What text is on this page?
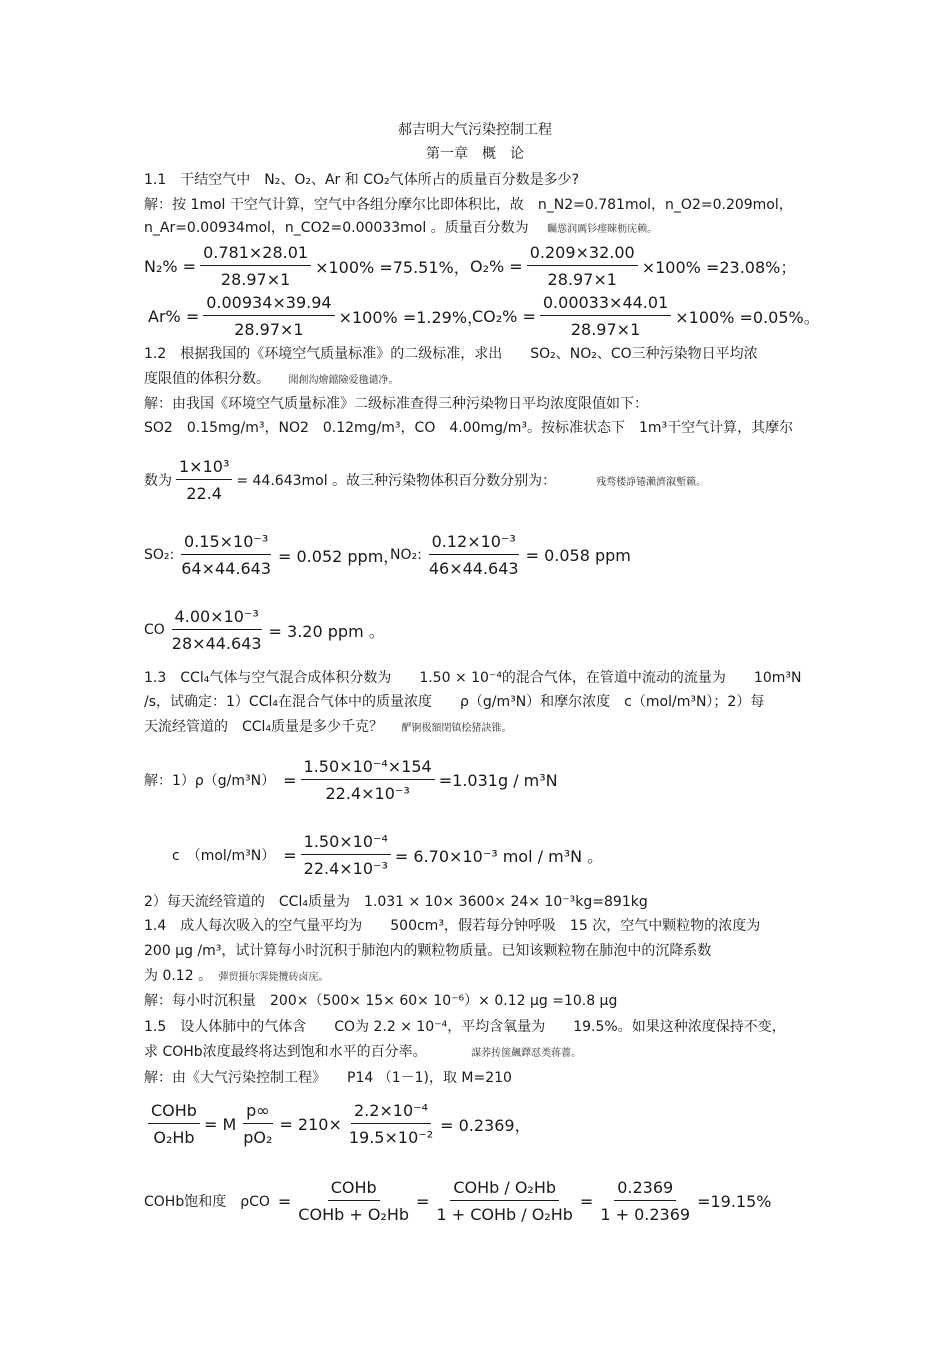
郝吉明大气污染控制工程
第一章　概　论
1.1　干结空气中　N₂、O₂、Ar 和 CO₂气体所占的质量百分数是多少?
解：按 1mol 干空气计算，空气中各组分摩尔比即体积比，故　n_N2=0.781mol，n_O2=0.209mol，
n_Ar=0.00934mol，n_CO2=0.00033mol 。质量百分数为 矚慫润厲钐瘗睞枥庑赖。
$N_2\% = \frac{0.781\times 28.01}{28.97\times 1} \times 100\% =75.51\%$， $O_2\% = \frac{0.209\times 32.00}{28.97\times 1} \times 100\% =23.08\%$；
$Ar\% = \frac{0.00934\times 39.94}{28.97\times 1} \times 100\% =1.29\%$，
$CO_2\% = \frac{0.00033\times 44.01}{28.97\times 1} \times 100\% =0.05\%$。
1.2　根据我国的《环境空气质量标准》的二级标准，求出　　SO₂、NO₂、CO三种污染物日平均浓
度限值的体积分数。 聞創沟燴鐺險爱氇谴净。
解：由我国《环境空气质量标准》二级标准查得三种污染物日平均浓度限值如下：
SO2　0.15mg/m³，NO2　0.12mg/m³，CO　4.00mg/m³。按标准状态下　1m³干空气计算，其摩尔
数为 $\frac{\text{1×10³}}{22.4} = 44.643mol$ 。故三种污染物体积百分数分别为：	残骛楼諍锩瀨濟溆塹籟。
SO₂: $\frac{\text{0.15×10⁻³}}{64\times 44.643} = 0.052$ ppm，
NO₂: $\frac{\text{0.12×10⁻³}}{46\times 44.643} = 0.058$ ppm
CO $\frac{\text{4.00×10⁻³}}{28\times 44.643} = 3.20$ ppm 。
1.3　CCl₄气体与空气混合成体积分数为　　1.50 × 10⁻⁴的混合气体，在管道中流动的流量为　　10m³N
/s，试确定：1）CCl₄在混合气体中的质量浓度　　ρ（g/m³N）和摩尔浓度　c（mol/m³N）；2）每
天流经管道的　CCl₄质量是多少千克？ 酽锕极額閉镇桧猪訣锥。
解：$1)\rho(g/m^3N) = \frac{\text{1.50×10⁻⁴×154}}{\text{22.4×10⁻³}} =1.031g / m^3N$
c　$(mol/m^3N) = \frac{\text{1.50×10⁻⁴}}{\text{22.4×10⁻³}} = 6.70\times 10^{-3}$ mol / m³N 。
2）每天流经管道的　CCl₄质量为　1.031 × 10× 3600× 24× 10⁻³kg=891kg
1.4　成人每次吸入的空气量平均为　　500cm³，假若每分钟呼吸　15 次，空气中颗粒物的浓度为
200 μg /m³，试计算每小时沉积于肺泡内的颗粒物质量。已知该颗粒物在肺泡中的沉降系数
为 0.12 。 彈贸摄尔霁毙攬砖卤庑。
解：每小时沉积量　200×（500× 15× 60× 10⁻⁶）× 0.12 μg =10.8 μg
1.5　设人体肺中的气体含　　CO为 2.2 × 10⁻⁴，平均含氧量为　　19.5%。如果这种浓度保持不变，
求 COHb浓度最终将达到饱和水平的百分率。	謀荞抟箧飆鐸怼类蒋薔。
解：由《大气污染控制工程》　　P14 （1－1)，取 M=210
$\frac{\text{COHb}}{\text{O₂Hb}} = M \frac{p\infty}{\text{pO₂}} = 210\times \frac{\text{2.2×10⁻⁴}}{\text{19.5×10⁻²}} = 0.2369$，
COHb饱和度　$\rho CO = \frac{\text{COHb}}{\text{COHb + O₂Hb}} = \frac{\text{COHb / O₂Hb}}{\text{1 + COHb / O₂Hb}} = \frac{0.2369}{1 + 0.2369} =19.15\%$
